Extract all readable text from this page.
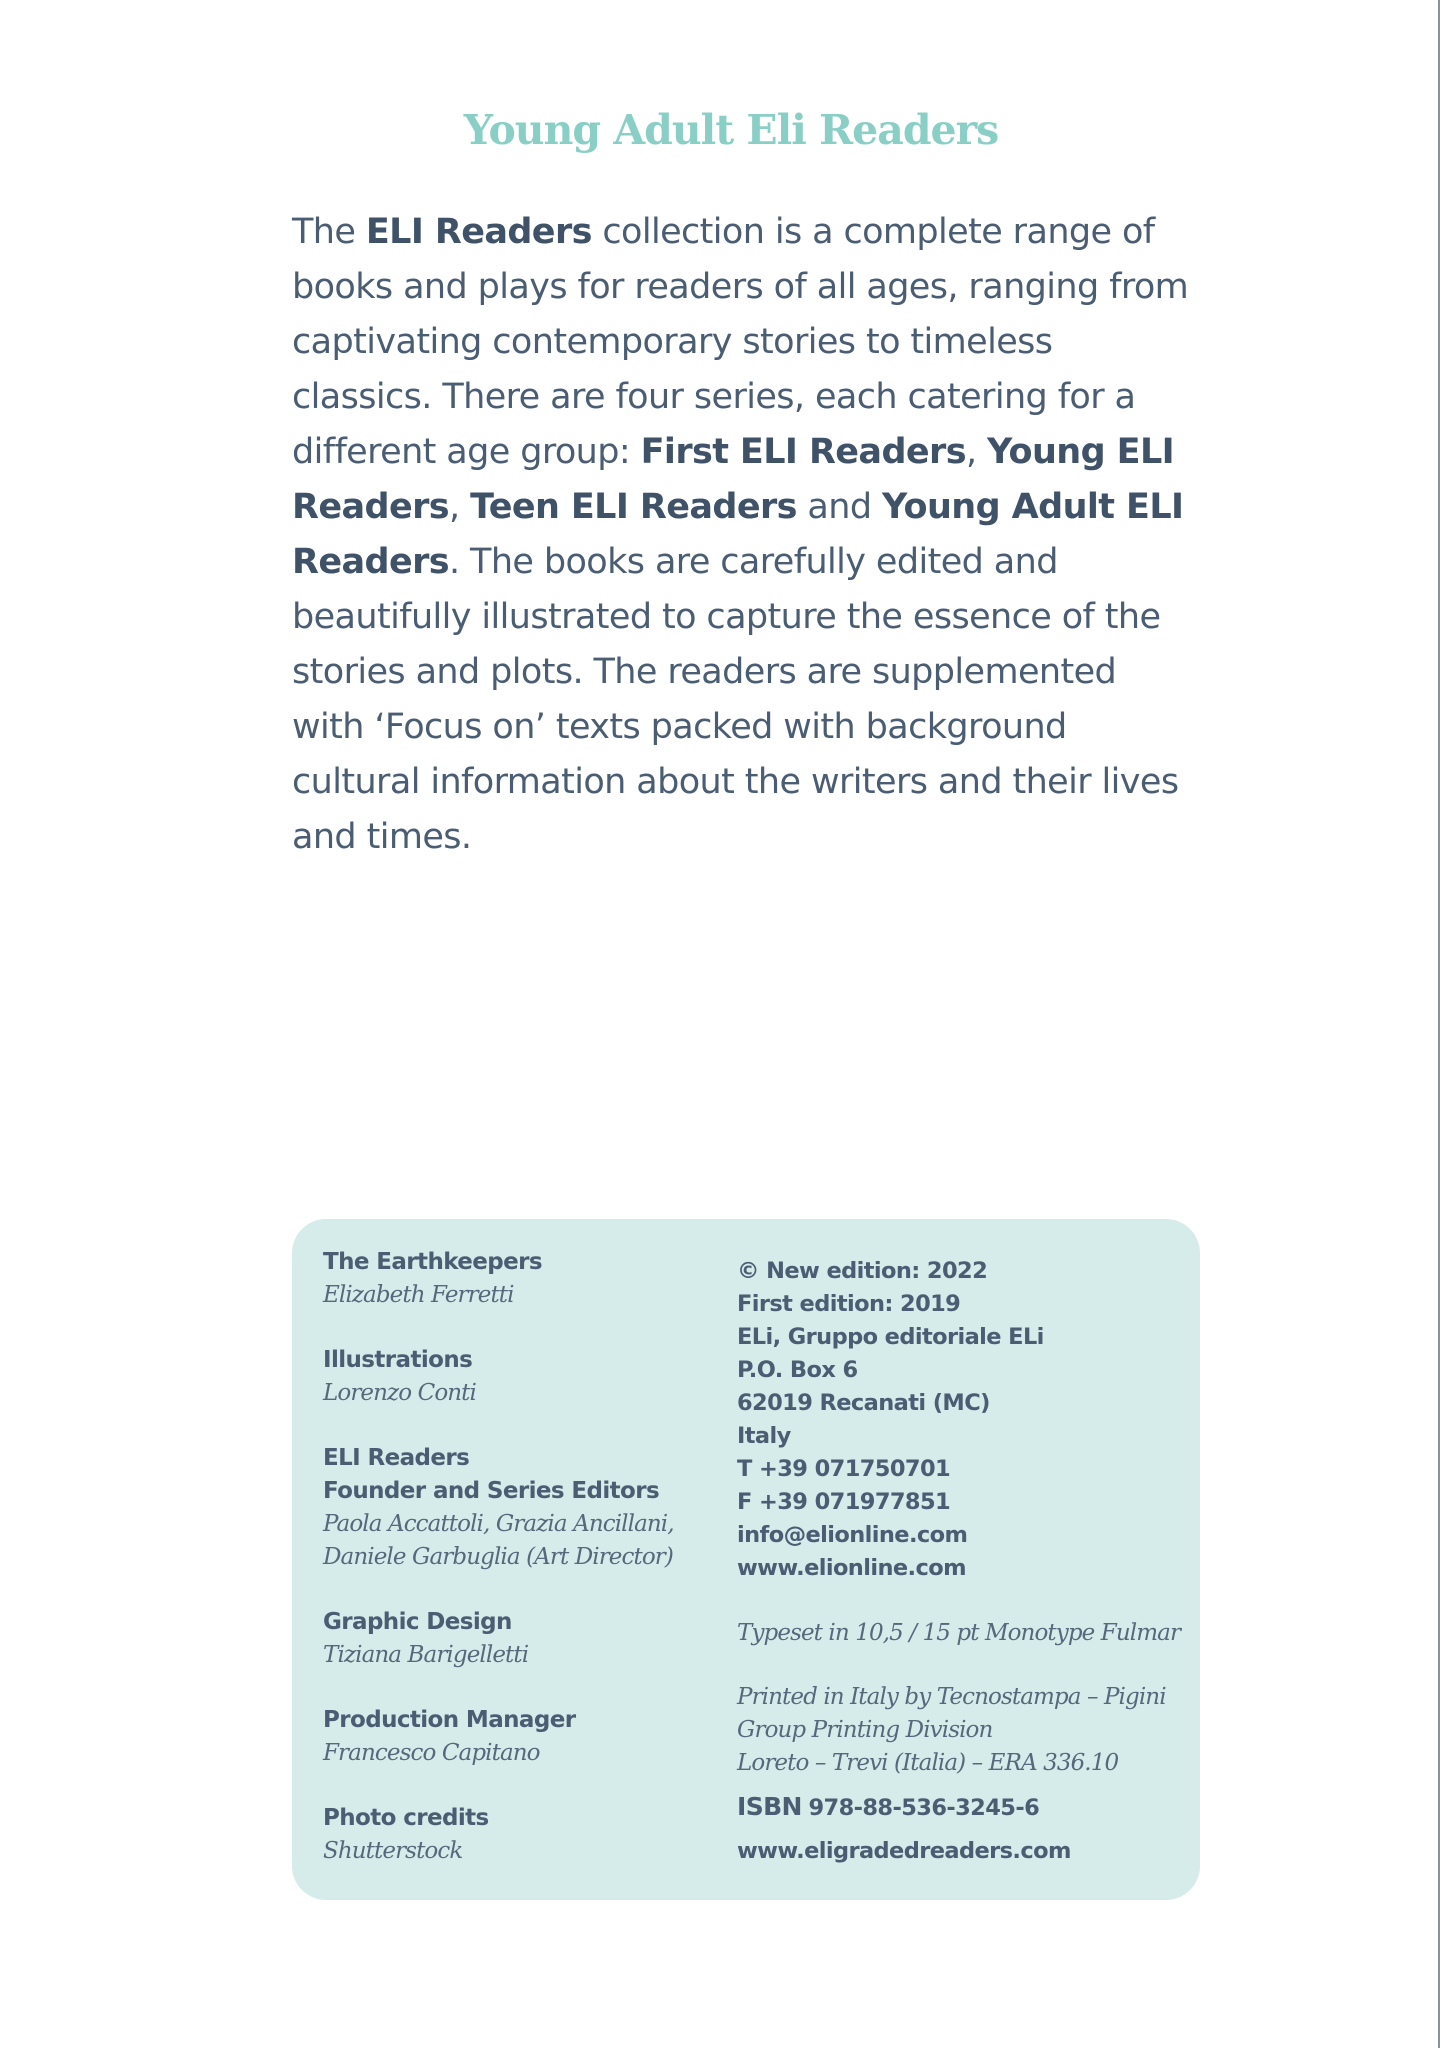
Young Adult Eli Readers

The ELI Readers collection is a complete range of books and plays for readers of all ages, ranging from captivating contemporary stories to timeless classics. There are four series, each catering for a different age group: First ELI Readers, Young ELI Readers, Teen ELI Readers and Young Adult ELI Readers. The books are carefully edited and beautifully illustrated to capture the essence of the stories and plots. The readers are supplemented with ‘Focus on’ texts packed with background cultural information about the writers and their lives and times.

The Earthkeepers
Elizabeth Ferretti
Illustrations
Lorenzo Conti
ELI Readers
Founder and Series Editors
Paola Accattoli, Grazia Ancillani,
Daniele Garbuglia (Art Director)
Graphic Design
Tiziana Barigelletti
Production Manager
Francesco Capitano
Photo credits
Shutterstock
© New edition: 2022
First edition: 2019
ELi, Gruppo editoriale ELi
P.O. Box 6
62019 Recanati (MC)
Italy
T +39 071750701
F +39 071977851
info@elionline.com
www.elionline.com
Typeset in 10,5 / 15 pt Monotype Fulmar
Printed in Italy by Tecnostampa – Pigini
Group Printing Division
Loreto – Trevi (Italia) – ERA 336.10
ISBN 978-88-536-3245-6
www.eligradedreaders.com
